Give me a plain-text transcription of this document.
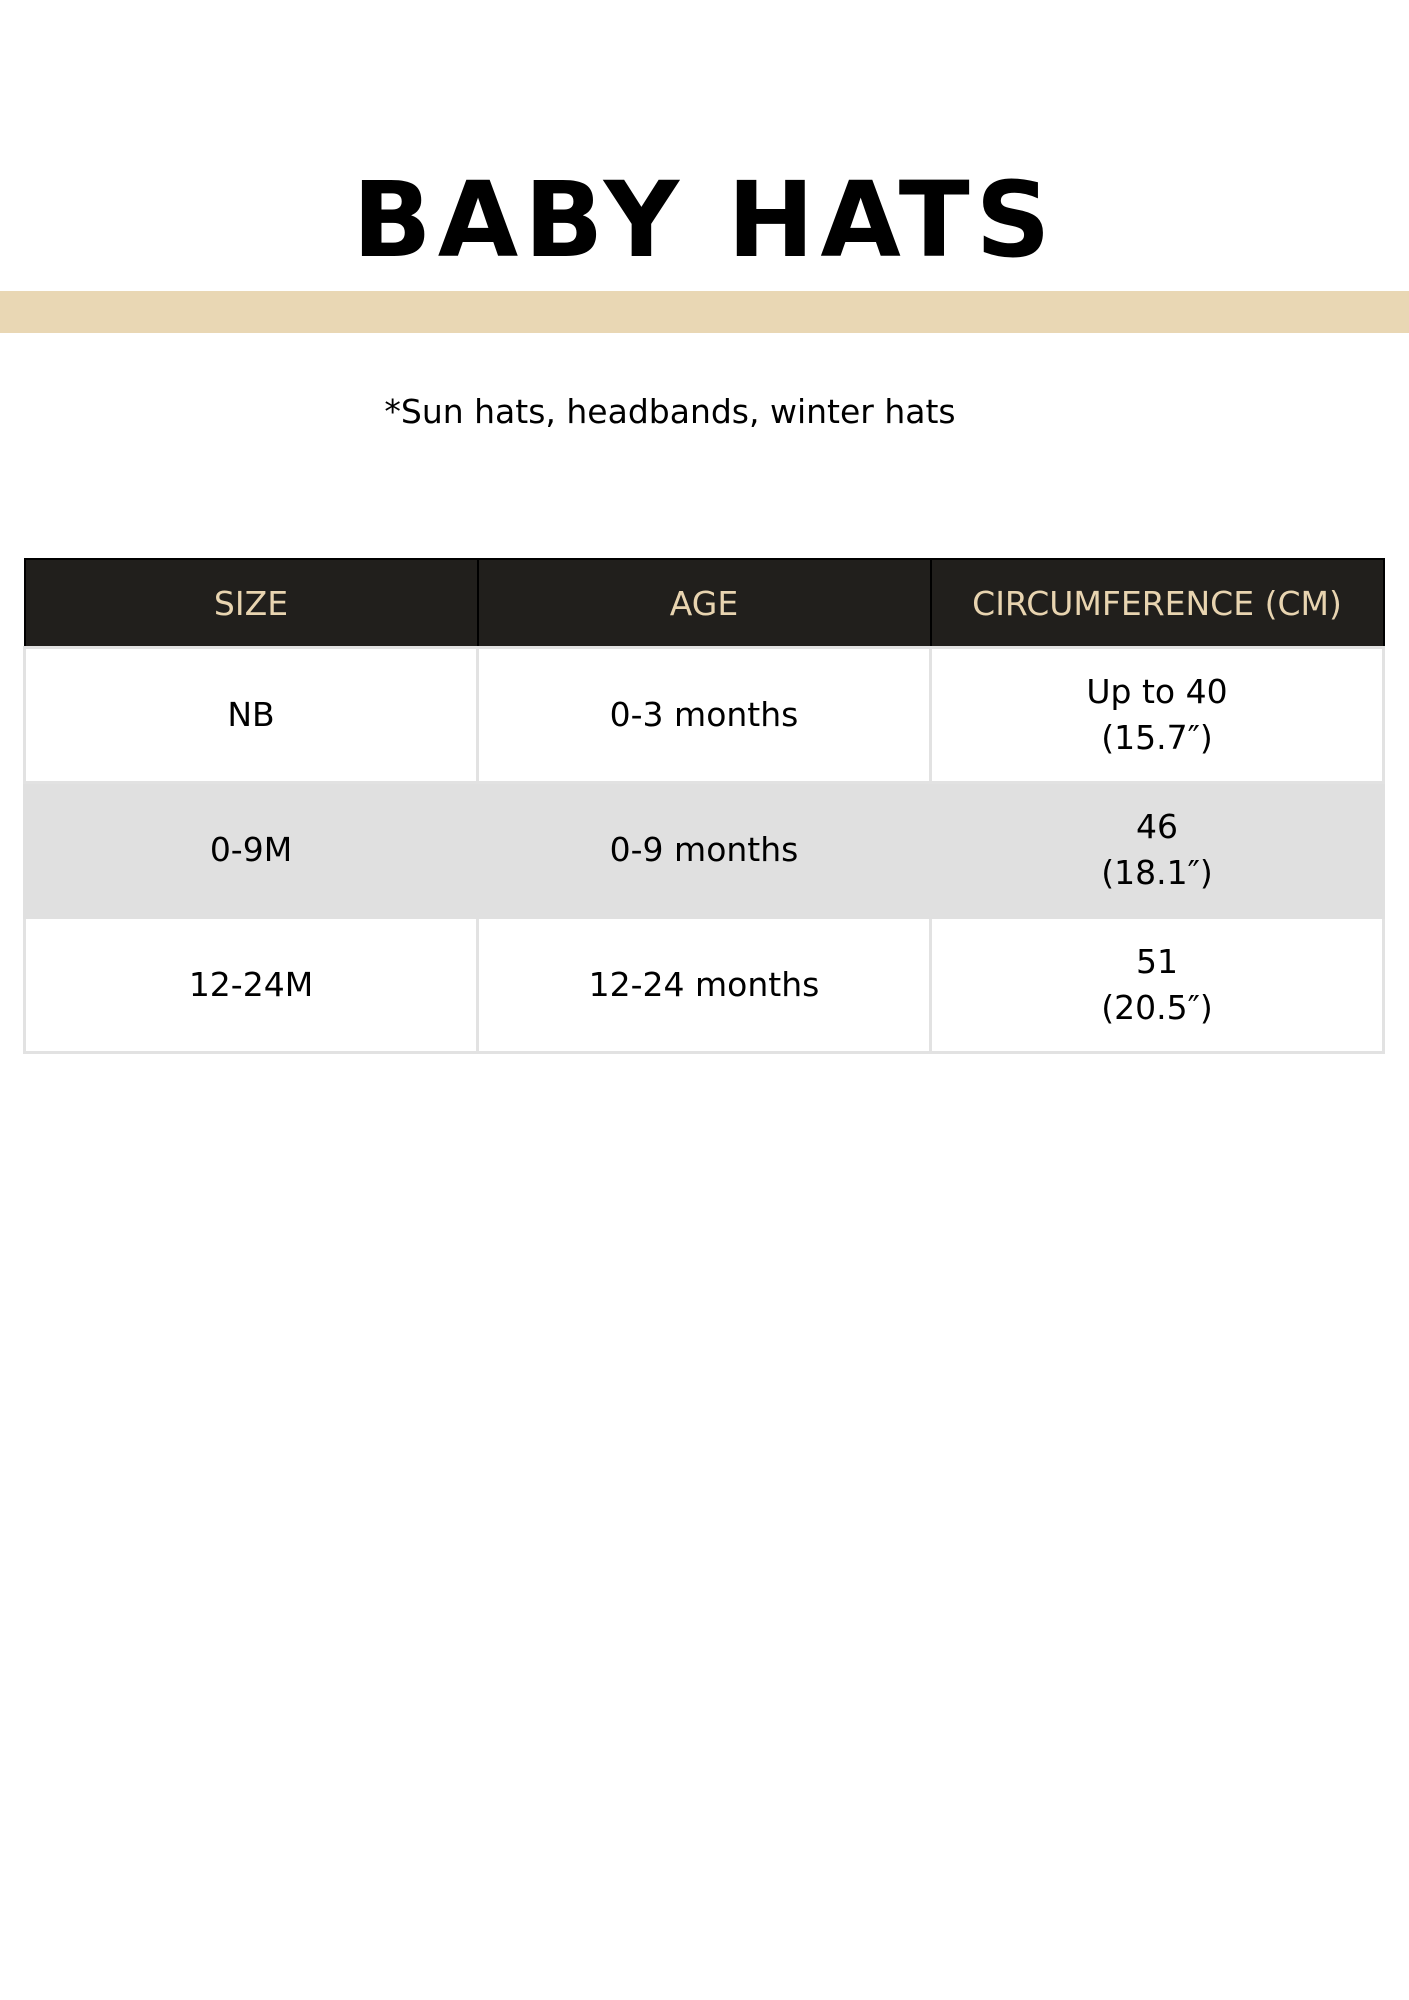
BABY HATS
*Sun hats, headbands, winter hats
SIZE	AGE	CIRCUMFERENCE (CM)
NB	0-3 months	Up to 40
(15.7″)

0-9M	0-9 months	46
(18.1″)

12-24M	12-24 months	51
(20.5″)
